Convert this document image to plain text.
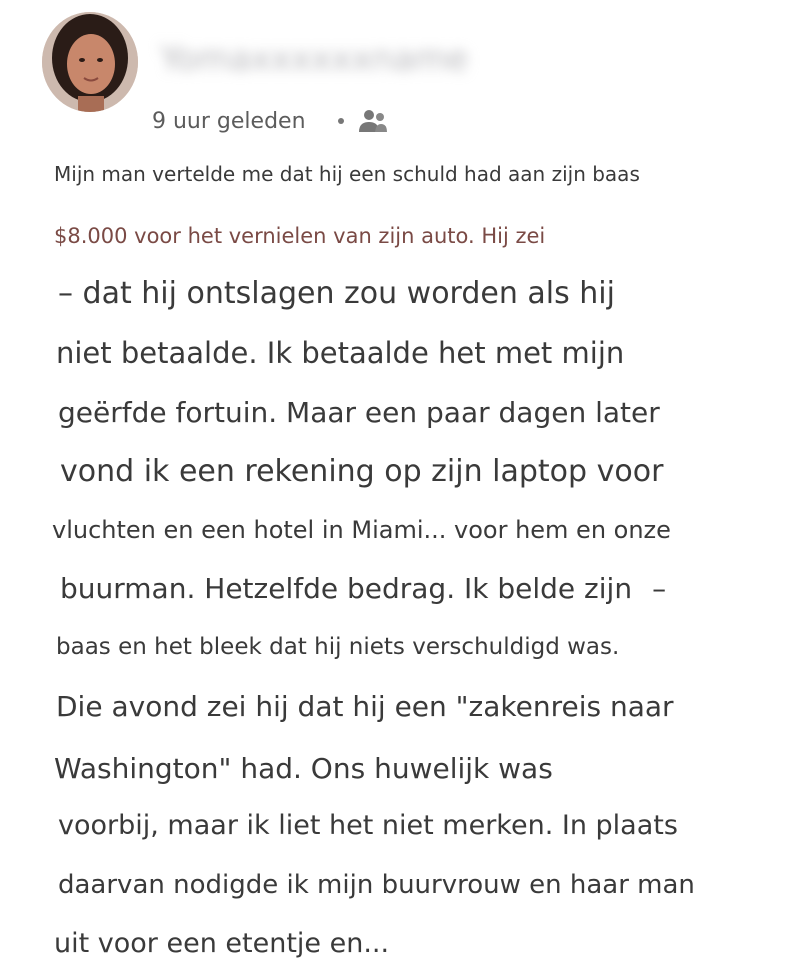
Yomaxxxxxxname
9 uur geleden
Mijn man vertelde me dat hij een schuld had aan zijn baas
$8.000 voor het vernielen van zijn auto. Hij zei
– dat hij ontslagen zou worden als hij
niet betaalde. Ik betaalde het met mijn
geërfde fortuin. Maar een paar dagen later
vond ik een rekening op zijn laptop voor
vluchten en een hotel in Miami... voor hem en onze
buurman. Hetzelfde bedrag. Ik belde zijn –
baas en het bleek dat hij niets verschuldigd was.
Die avond zei hij dat hij een "zakenreis naar
Washington" had. Ons huwelijk was
voorbij, maar ik liet het niet merken. In plaats
daarvan nodigde ik mijn buurvrouw en haar man
uit voor een etentje en...
